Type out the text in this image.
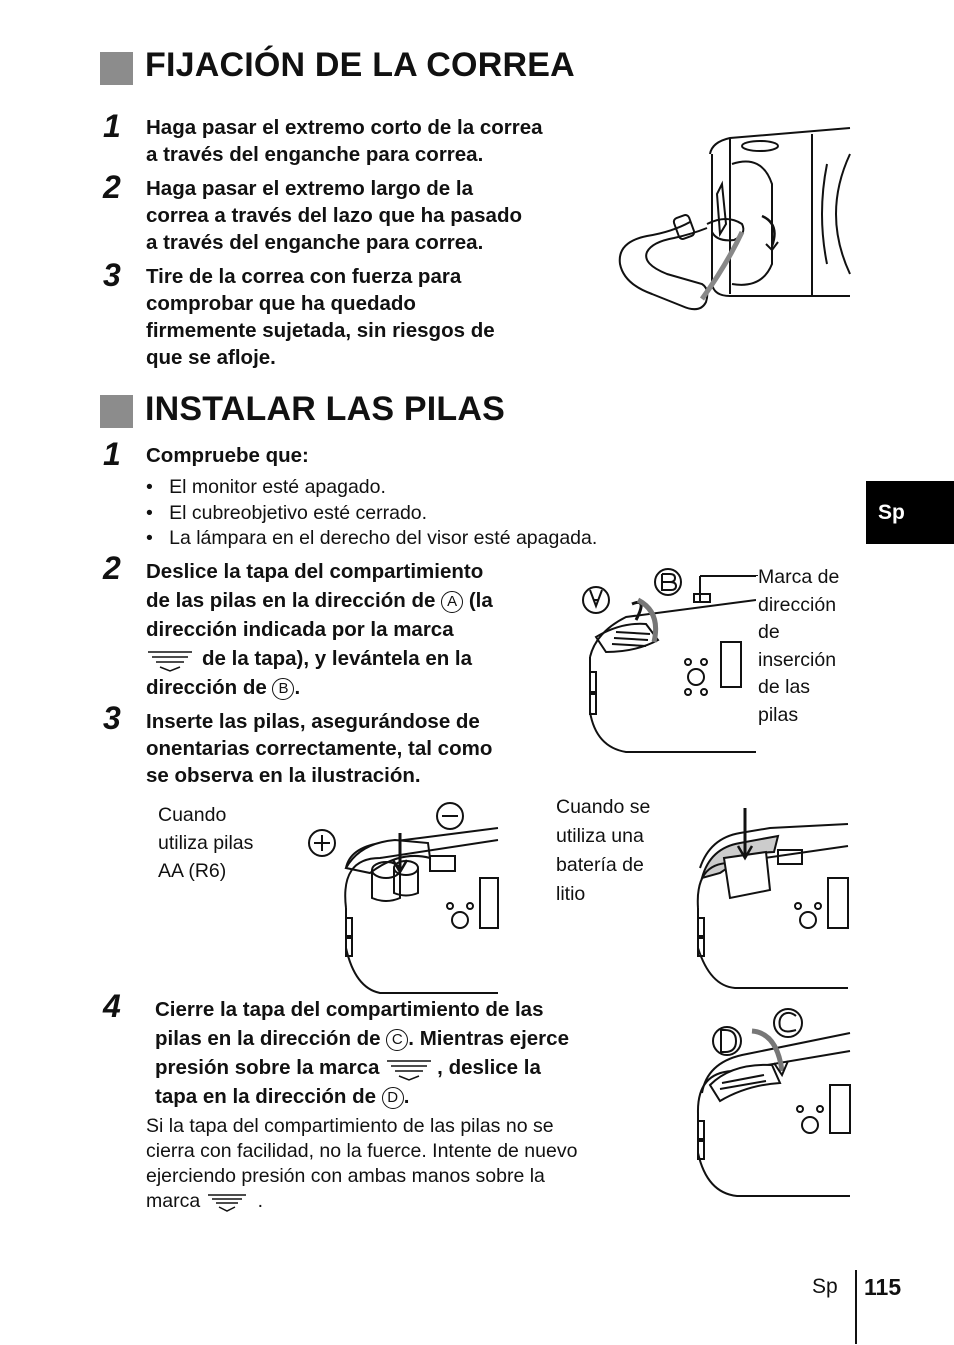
FIJACIÓN DE LA CORREA
1	Haga pasar el extremo corto de la correa
a través del enganche para correa.
2	Haga pasar el extremo largo de la
correa a través del lazo que ha pasado
a través del enganche para correa.
3	Tire de la correa con fuerza para
comprobar que ha quedado
firmemente sujetada, sin riesgos de
que se afloje.
INSTALAR LAS PILAS
1	Compruebe que:
•   El monitor esté apagado.
•   El cubreobjetivo esté cerrado.
•   La lámpara en el derecho del visor esté apagada.
2	Deslice la tapa del compartimiento
de las pilas en la dirección de A (la
dirección indicada por la marca
de la tapa), y levántela en la
dirección de B .
Marca de
dirección
de
inserción
de las
pilas
3	Inserte las pilas, asegurándose de
onentarias correctamente, tal como
se observa en la ilustración.
Cuando
utiliza pilas
AA (R6)
Cuando se
utiliza una
batería de
litio
4	Cierre la tapa del compartimiento de las
pilas en la dirección de C . Mientras ejerce
presión sobre la marca	, deslice la
tapa en la dirección de D .
Si la tapa del compartimiento de las pilas no se
cierra con facilidad, no la fuerce. Intente de nuevo
ejerciendo presión con ambas manos sobre la
marca	.
Sp
Sp 115
